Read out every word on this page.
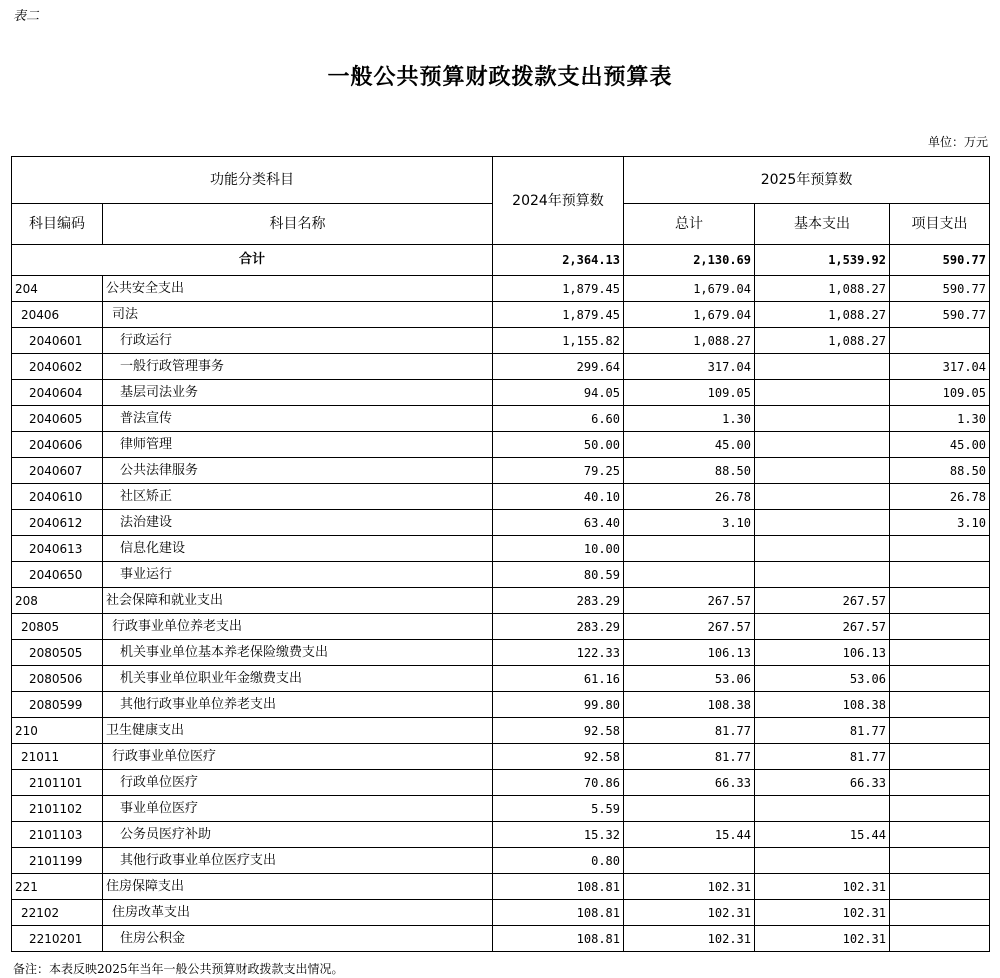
表二
一般公共预算财政拨款支出预算表
单位：万元
功能分类科目		2024年预算数	2025年预算数		
科目编码	科目名称		总计	基本支出	项目支出
合计		2,364.13	2,130.69	1,539.92	590.77
204	公共安全支出	1,879.45	1,679.04	1,088.27	590.77
20406	司法	1,879.45	1,679.04	1,088.27	590.77
2040601	行政运行	1,155.82	1,088.27	1,088.27	
2040602	一般行政管理事务	299.64	317.04		317.04
2040604	基层司法业务	94.05	109.05		109.05
2040605	普法宣传	6.60	1.30		1.30
2040606	律师管理	50.00	45.00		45.00
2040607	公共法律服务	79.25	88.50		88.50
2040610	社区矫正	40.10	26.78		26.78
2040612	法治建设	63.40	3.10		3.10
2040613	信息化建设	10.00			
2040650	事业运行	80.59			
208	社会保障和就业支出	283.29	267.57	267.57	
20805	行政事业单位养老支出	283.29	267.57	267.57	
2080505	机关事业单位基本养老保险缴费支出	122.33	106.13	106.13	
2080506	机关事业单位职业年金缴费支出	61.16	53.06	53.06	
2080599	其他行政事业单位养老支出	99.80	108.38	108.38	
210	卫生健康支出	92.58	81.77	81.77	
21011	行政事业单位医疗	92.58	81.77	81.77	
2101101	行政单位医疗	70.86	66.33	66.33	
2101102	事业单位医疗	5.59			
2101103	公务员医疗补助	15.32	15.44	15.44	
2101199	其他行政事业单位医疗支出	0.80			
221	住房保障支出	108.81	102.31	102.31	
22102	住房改革支出	108.81	102.31	102.31	
2210201	住房公积金	108.81	102.31	102.31	
备注：本表反映2025年当年一般公共预算财政拨款支出情况。
